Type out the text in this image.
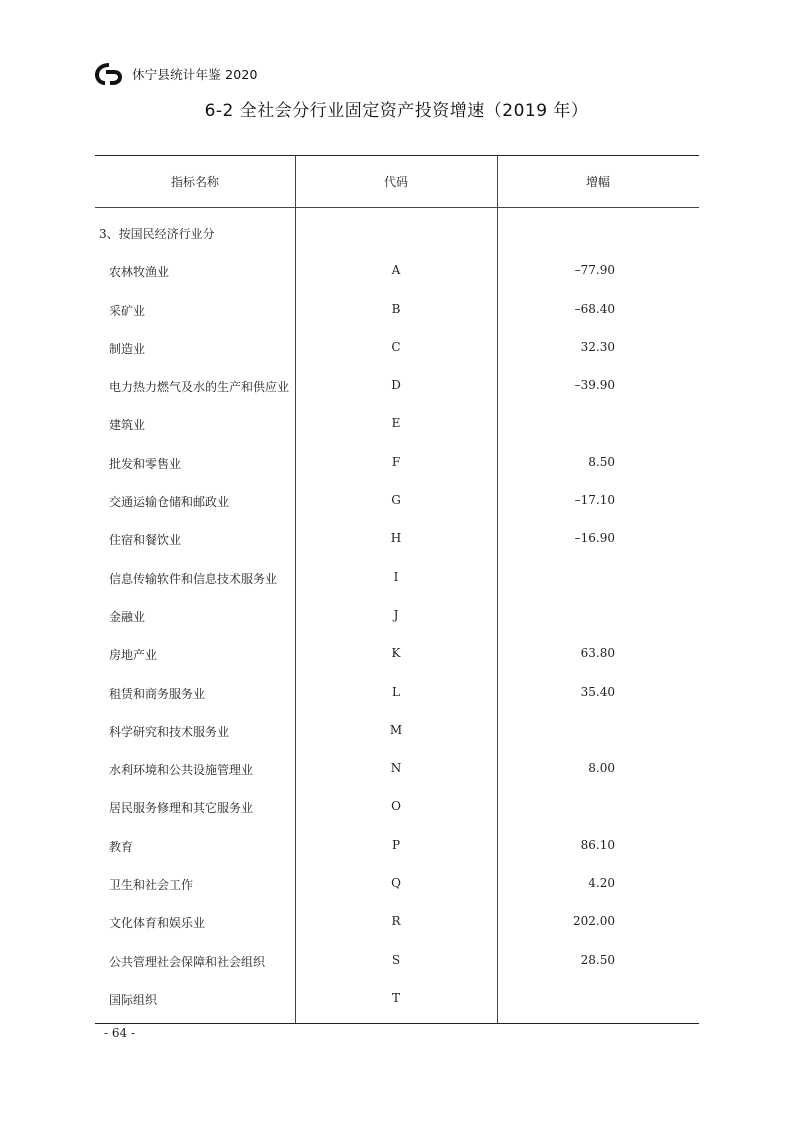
休宁县统计年鉴 2020
6-2 全社会分行业固定资产投资增速（2019 年）
指标名称	代码	增幅
3、按国民经济行业分
农林牧渔业	A	–77.90
采矿业	B	–68.40
制造业	C	32.30
电力热力燃气及水的生产和供应业	D	–39.90
建筑业	E
批发和零售业	F	8.50
交通运输仓储和邮政业	G	–17.10
住宿和餐饮业	H	–16.90
信息传输软件和信息技术服务业	I
金融业	J
房地产业	K	63.80
租赁和商务服务业	L	35.40
科学研究和技术服务业	M
水利环境和公共设施管理业	N	8.00
居民服务修理和其它服务业	O
教育	P	86.10
卫生和社会工作	Q	4.20
文化体育和娱乐业	R	202.00
公共管理社会保障和社会组织	S	28.50
国际组织	T
- 64 -
